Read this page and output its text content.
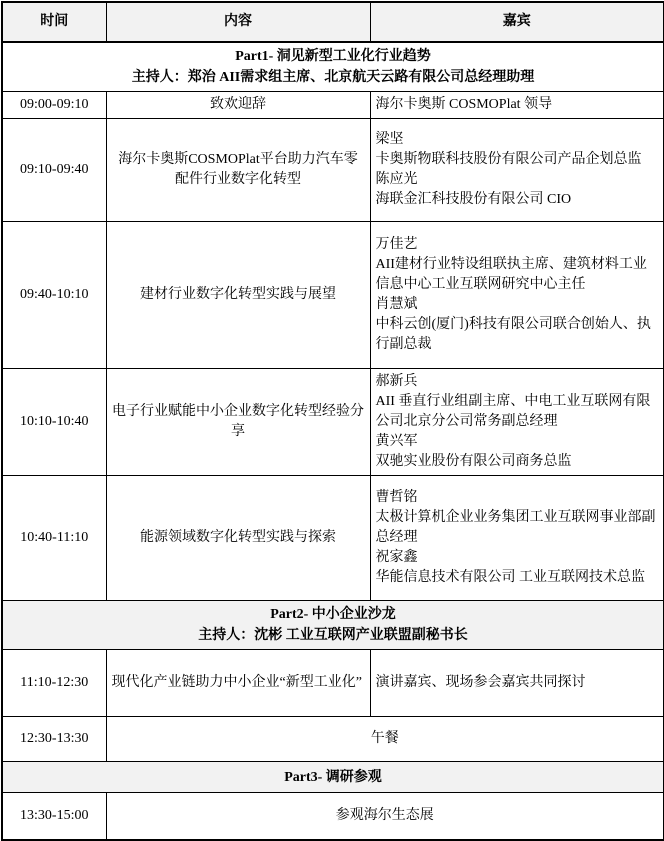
时间	内容	嘉宾

Part1- 洞见新型工业化行业趋势
主持人：郑治 AII需求组主席、北京航天云路有限公司总经理助理		

09:00-09:10	致欢迎辞	海尔卡奥斯 COSMOPlat 领导

09:10-09:40	海尔卡奥斯COSMOPlat平台助力汽车零配件行业数字化转型	梁坚
卡奥斯物联科技股份有限公司产品企划总监
陈应光
海联金汇科技股份有限公司 CIO

09:40-10:10	建材行业数字化转型实践与展望	万佳艺
AII建材行业特设组联执主席、建筑材料工业信息中心工业互联网研究中心主任
肖慧斌
中科云创(厦门)科技有限公司联合创始人、执行副总裁

10:10-10:40	电子行业赋能中小企业数字化转型经验分享	郝新兵
AII 垂直行业组副主席、中电工业互联网有限公司北京分公司常务副总经理
黄兴军
双驰实业股份有限公司商务总监

10:40-11:10	能源领域数字化转型实践与探索	曹哲铭
太极计算机企业业务集团工业互联网事业部副总经理
祝家鑫
华能信息技术有限公司 工业互联网技术总监

Part2- 中小企业沙龙
主持人：沈彬 工业互联网产业联盟副秘书长		

11:10-12:30	现代化产业链助力中小企业“新型工业化”	演讲嘉宾、现场参会嘉宾共同探讨

12:30-13:30	午餐	
Part3- 调研参观		
13:30-15:00	参观海尔生态展	
